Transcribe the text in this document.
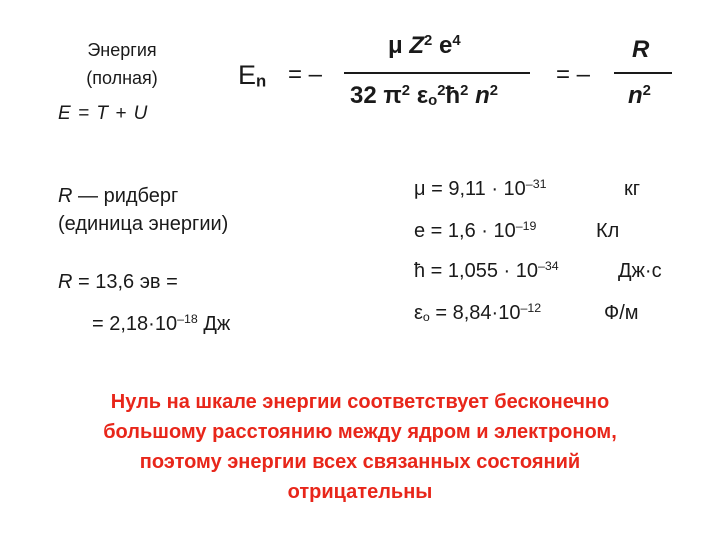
Энергия
(полная)
E = T + U
$E_n$ = –
μ $Z^2$ $e^4$
32 $\pi^2$ $\varepsilon_o^2ħ^2$ $n^2$
= –
R
$n^2$
R — ридберг
(единица энергии)
R = 13,6 эв =
= $2,18\cdot 10^{-18}$ Дж
$\mu = 9,11 \cdot 10^{-31}$	кг
$e = 1,6 \cdot 10^{-19}$	Кл
ħ = $1,055 \cdot 10^{-34}$	Дж·с
$\varepsilon_o = 8,84\cdot 10^{-12}$	Ф/м
Нуль на шкале энергии соответствует бесконечно
большому расстоянию между ядром и электроном,
поэтому энергии всех связанных состояний
отрицательны
